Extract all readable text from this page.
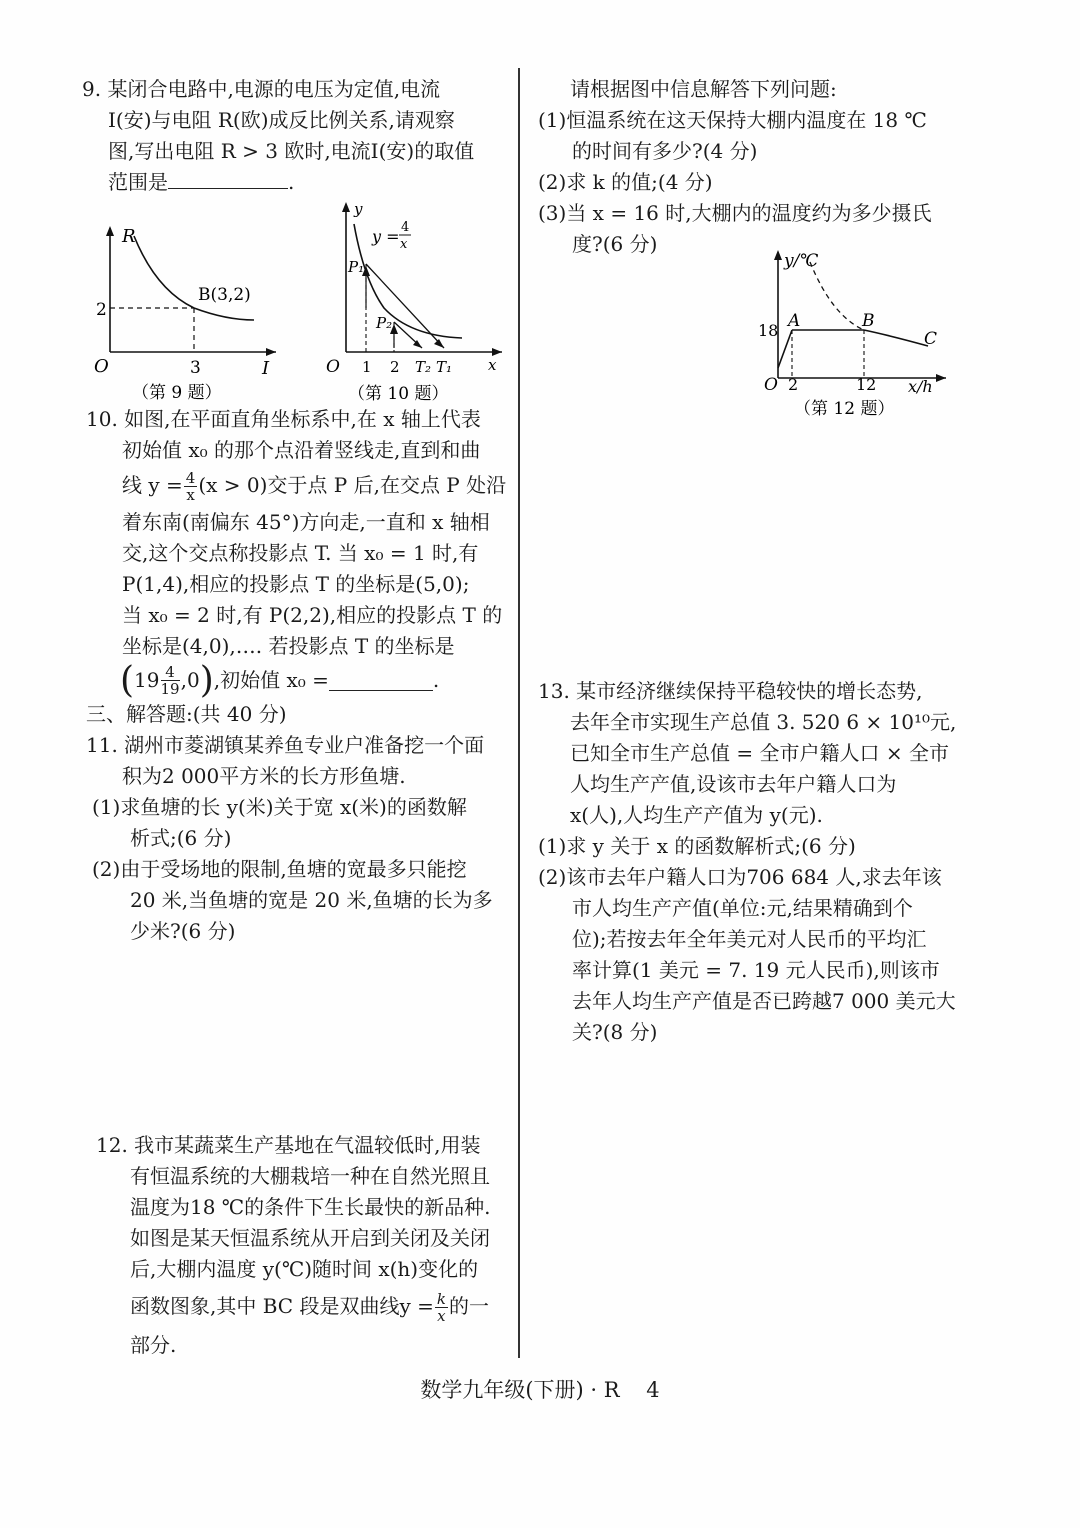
9. 某闭合电路中,电源的电压为定值,电流

I(安)与电阻 R(欧)成反比例关系,请观察

图,写出电阻 R > 3 欧时,电流I(安)的取值

范围是	.

R
I
O
2
3
B(3,2)
（第 9 题）
y
x
O
y = 4
x
P₁
P₂
1 2 T₂ T₁
（第 10 题）

10. 如图,在平面直角坐标系中,在 x 轴上代表

初始值 x₀ 的那个点沿着竖线走,直到和曲

线 $y = \frac{4}{x} (x > 0)$交于点 P 后,在交点 P 处沿

着东南(南偏东 45°)方向走,一直和 x 轴相

交,这个交点称投影点 T. 当 x₀ = 1 时,有

P(1,4),相应的投影点 T 的坐标是(5,0);

当 x₀ = 2 时,有 P(2,2),相应的投影点 T 的

坐标是(4,0),…. 若投影点 T 的坐标是

$(19 \frac{4}{19} ,0)$,初始值 x₀ =	.

三、解答题:(共 40 分)

11. 湖州市菱湖镇某养鱼专业户准备挖一个面

积为2 000平方米的长方形鱼塘.

(1)求鱼塘的长 y(米)关于宽 x(米)的函数解

析式;(6 分)

(2)由于受场地的限制,鱼塘的宽最多只能挖

20 米,当鱼塘的宽是 20 米,鱼塘的长为多

少米?(6 分)

12. 我市某蔬菜生产基地在气温较低时,用装

有恒温系统的大棚栽培一种在自然光照且

温度为18 ℃的条件下生长最快的新品种.

如图是某天恒温系统从开启到关闭及关闭

后,大棚内温度 y(℃)随时间 x(h)变化的

函数图象,其中 BC 段是双曲线$y = \frac{k}{x}$ 的一

部分.

请根据图中信息解答下列问题:

(1)恒温系统在这天保持大棚内温度在 18 ℃

的时间有多少?(4 分)

(2)求 k 的值;(4 分)

(3)当 x = 16 时,大棚内的温度约为多少摄氏

度?(6 分)

y/℃
x/h
O 2	12
18 A	B
C
（第 12 题）

13. 某市经济继续保持平稳较快的增长态势,

去年全市实现生产总值 3. 520 6 × 10¹⁰元,

已知全市生产总值 = 全市户籍人口 × 全市

人均生产产值,设该市去年户籍人口为

x(人),人均生产产值为 y(元).

(1)求 y 关于 x 的函数解析式;(6 分)

(2)该市去年户籍人口为706 684 人,求去年该

市人均生产产值(单位:元,结果精确到个

位);若按去年全年美元对人民币的平均汇

率计算(1 美元 = 7. 19 元人民币),则该市

去年人均生产产值是否已跨越7 000 美元大

关?(8 分)

数学九年级(下册) · R    4
